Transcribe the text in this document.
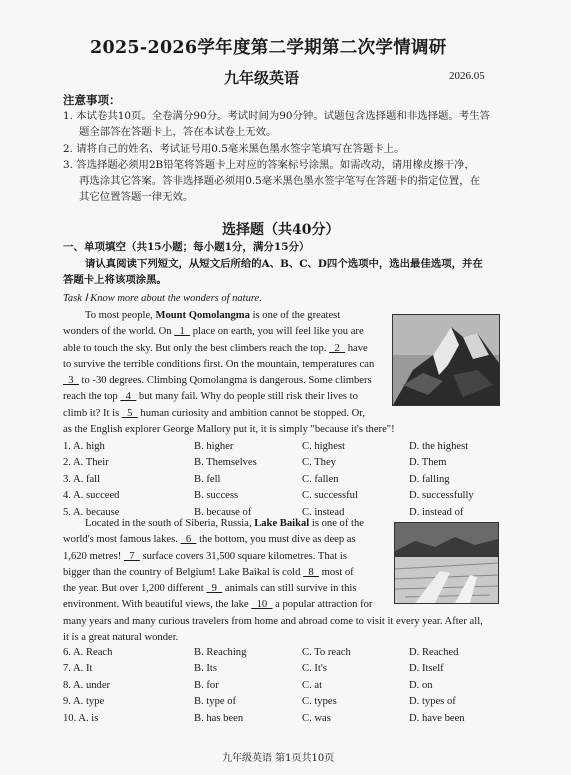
2025-2026学年度第二学期第二次学情调研
九年级英语	2026.05
注意事项：
1. 本试卷共10页。全卷满分90分。考试时间为90分钟。试题包含选择题和非选择题。考生答
题全部答在答题卡上，答在本试卷上无效。
2. 请将自己的姓名、考试证号用0.5毫米黑色墨水签字笔填写在答题卡上。
3. 答选择题必须用2B铅笔将答题卡上对应的答案标号涂黑。如需改动，请用橡皮擦干净，
再选涂其它答案。答非选择题必须用0.5毫米黑色墨水签字笔写在答题卡的指定位置，在
其它位置答题一律无效。
选择题（共40分）
一、单项填空（共15小题；每小题1分，满分15分）
请认真阅读下列短文，从短文后所给的A、B、C、D四个选项中，选出最佳选项，并在
答题卡上将该项涂黑。
Task Ⅰ Know more about the wonders of nature.
To most people, Mount Qomolangma is one of the greatest
wonders of the world. On   1   place on earth, you will feel like you are
able to touch the sky. But only the best climbers reach the top.   2   have
to survive the terrible conditions first. On the mountain, temperatures can
3   to -30 degrees. Climbing Qomolangma is dangerous. Some climbers
reach the top   4   but many fail. Why do people still risk their lives to
climb it? It is   5   human curiosity and ambition cannot be stopped. Or,
as the English explorer George Mallory put it, it is simply "because it's there"!
1. A. high	B. higher	C. highest	D. the highest
2. A. Their	B. Themselves	C. They	D. Them
3. A. fall	B. fell	C. fallen	D. falling
4. A. succeed	B. success	C. successful	D. successfully
5. A. because	B. because of	C. instead	D. instead of
Located in the south of Siberia, Russia, Lake Baikal is one of the
world's most famous lakes.   6   the bottom, you must dive as deep as
1,620 metres!   7   surface covers 31,500 square kilometres. That is
bigger than the country of Belgium! Lake Baikal is cold   8   most of
the year. But over 1,200 different   9   animals can still survive in this
environment. With beautiful views, the lake   10   a popular attraction for
many years and many curious travelers from home and abroad come to visit it every year. After all,
it is a great natural wonder.
6. A. Reach	B. Reaching	C. To reach	D. Reached
7. A. It	B. Its	C. It's	D. Itself
8. A. under	B. for	C. at	D. on
9. A. type	B. type of	C. types	D. types of
10. A. is	B. has been	C. was	D. have been
九年级英语 第1页共10页
